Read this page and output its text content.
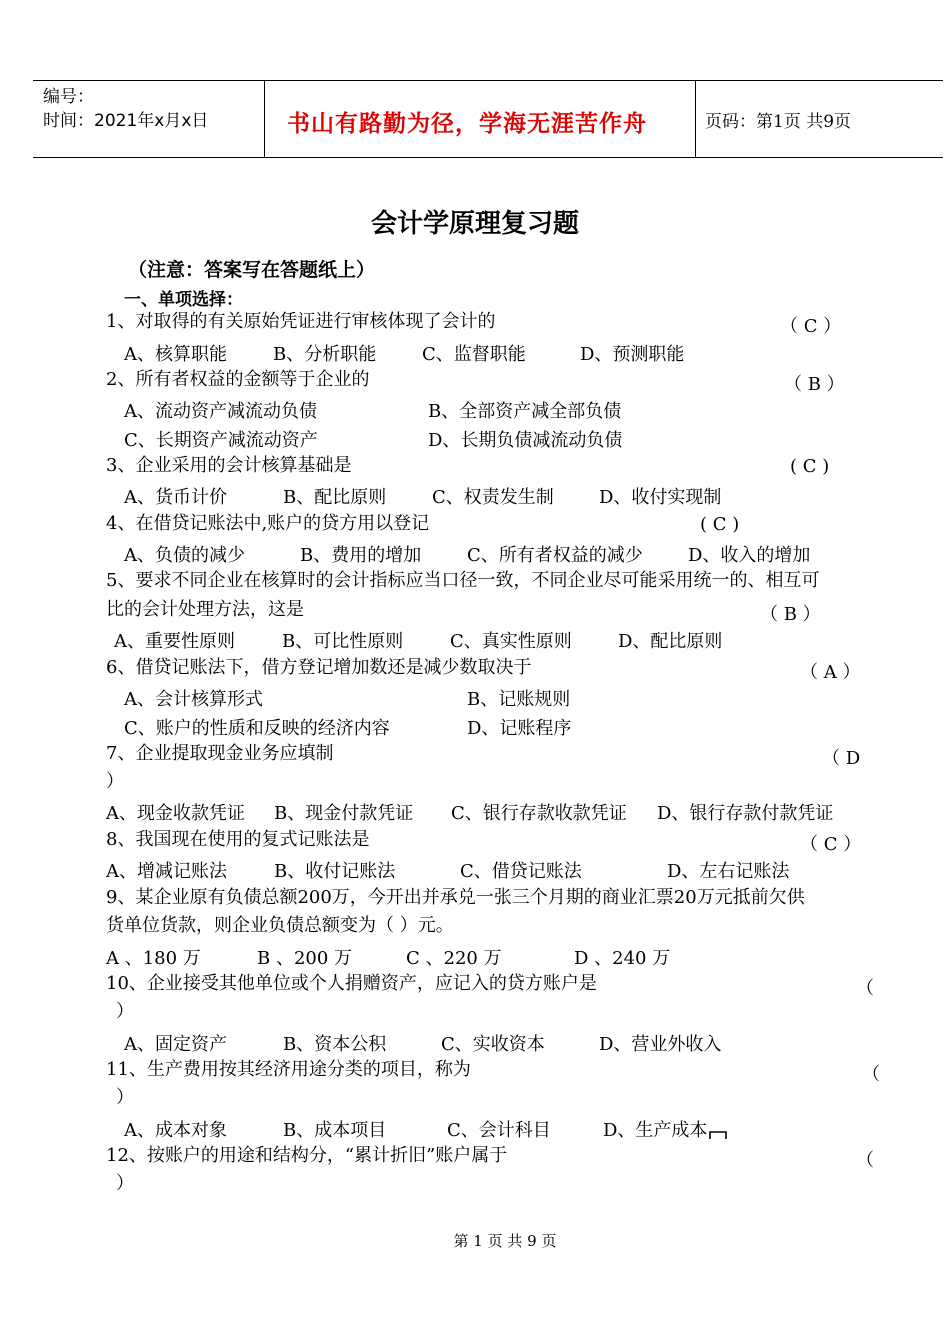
编号：
时间：2021年x月x日	书山有路勤为径，学海无涯苦作舟	页码：第1页 共9页
会计学原理复习题
（注意：答案写在答题纸上）
一、单项选择：
1、对取得的有关原始凭证进行审核体现了会计的	（ C ）
A、核算职能	B、分析职能	C、监督职能	D、预测职能
2、所有者权益的金额等于企业的	（ B ）
A、流动资产减流动负债	B、全部资产减全部负债
C、长期资产减流动资产	D、长期负债减流动负债
3、企业采用的会计核算基础是	( C )
A、货币计价	B、配比原则	C、权责发生制	D、收付实现制
4、在借贷记账法中,账户的贷方用以登记	( C )
A、负债的减少	B、费用的增加	C、所有者权益的减少	D、收入的增加
5、要求不同企业在核算时的会计指标应当口径一致，不同企业尽可能采用统一的、相互可
比的会计处理方法，这是	（ B ）
A、重要性原则	B、可比性原则	C、真实性原则	D、配比原则
6、借贷记账法下，借方登记增加数还是减少数取决于	（ A ）
A、会计核算形式	B、记账规则
C、账户的性质和反映的经济内容	D、记账程序
7、企业提取现金业务应填制	（ D
）
A、现金收款凭证 B、现金付款凭证 C、银行存款收款凭证 D、银行存款付款凭证
8、我国现在使用的复式记账法是	（ C ）
A、增减记账法	B、收付记账法	C、借贷记账法	D、左右记账法
9、某企业原有负债总额200万，今开出并承兑一张三个月期的商业汇票20万元抵前欠供
货单位货款，则企业负债总额变为（ ）元。
A 、180 万	B 、200 万	C 、220 万	D 、240 万
10、企业接受其他单位或个人捐赠资产，应记入的贷方账户是	（
）
A、固定资产	B、资本公积	C、实收资本	D、营业外收入
11、生产费用按其经济用途分类的项目，称为	（
）
A、成本对象	B、成本项目	C、会计科目	D、生产成本
12、按账户的用途和结构分，“累计折旧”账户属于	（
）
第 1 页 共 9 页
